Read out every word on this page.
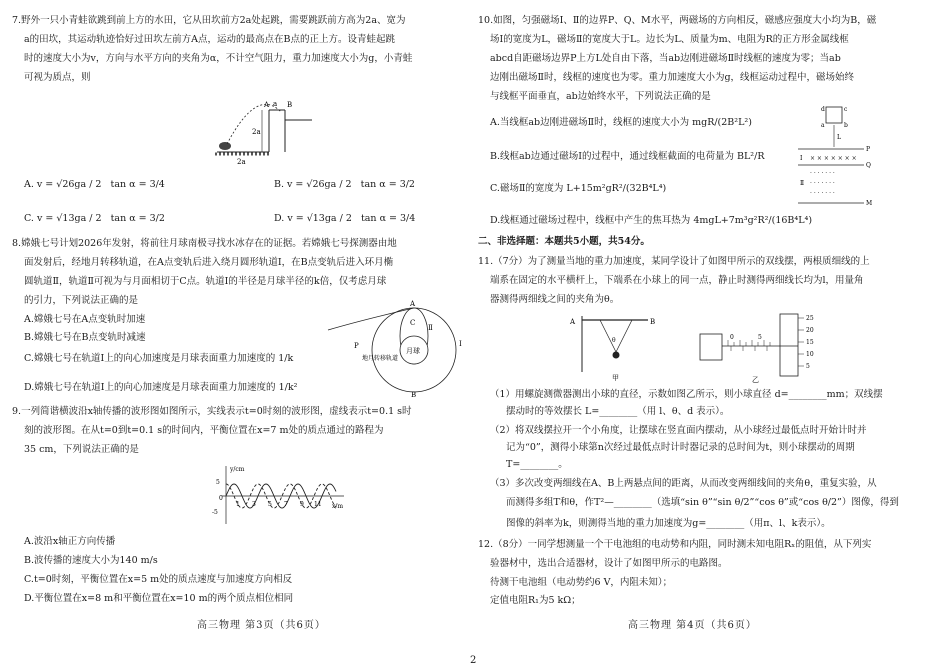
7.野外一只小青蛙欲跳到前上方的水田，它从田坎前方2a处起跳，需要跳跃前方高为2a、宽为
a的田坎，其运动轨迹恰好过田坎左前方A点，运动的最高点在B点的正上方。设青蛙起跳
时的速度大小为v，方向与水平方向的夹角为α，不计空气阻力，重力加速度大小为g，小青蛙
可视为质点，则
A	B
a
2a
2a
A. v = √26ga / 2 tan α = 3/4	B. v = √26ga / 2 tan α = 3/2
C. v = √13ga / 2 tan α = 3/2	D. v = √13ga / 2 tan α = 3/4
8.嫦娥七号计划2026年发射，将前往月球南极寻找水冰存在的证据。若嫦娥七号探测器由地
面发射后，经地月转移轨道，在A点变轨后进入绕月圆形轨道Ⅰ，在B点变轨后进入环月椭
圆轨道Ⅱ，轨道Ⅱ可视为与月面相切于C点。轨道Ⅰ的半径是月球半径的k倍，仅考虑月球
的引力，下列说法正确的是
A.嫦娥七号在A点变轨时加速
B.嫦娥七号在B点变轨时减速
C.嫦娥七号在轨道Ⅰ上的向心加速度是月球表面重力加速度的 1/k
D.嫦娥七号在轨道Ⅰ上的向心加速度是月球表面重力加速度的 1/k²
月球
地月转移轨道
Ⅰ
Ⅱ
A
B
C
P
9.一列简谐横波沿x轴传播的波形图如图所示，实线表示t=0时刻的波形图，虚线表示t=0.1 s时
刻的波形图。在从t=0到t=0.1 s的时间内，平衡位置在x=7 m处的质点通过的路程为
35 cm，下列说法正确的是
y/cm
x/m
5
0
-5
1 3 5 7 9 11
A.波沿x轴正方向传播
B.波传播的速度大小为140 m/s
C.t=0时刻，平衡位置在x=5 m处的质点速度与加速度方向相反
D.平衡位置在x=8 m和平衡位置在x=10 m的两个质点相位相同
高三物理 第3页（共6页）
10.如图，匀强磁场Ⅰ、Ⅱ的边界P、Q、M水平，两磁场的方向相反，磁感应强度大小均为B，磁
场Ⅰ的宽度为L，磁场Ⅱ的宽度大于L。边长为L、质量为m、电阻为R的正方形金属线框
abcd自距磁场边界P上方L处自由下落，当ab边刚进磁场Ⅱ时线框的速度为零；当ab
边刚出磁场Ⅱ时，线框的速度也为零。重力加速度大小为g，线框运动过程中，磁场始终
与线框平面垂直，ab边始终水平，下列说法正确的是
A.当线框ab边刚进磁场Ⅱ时，线框的速度大小为 mgR/(2B²L²)
B.线框ab边通过磁场Ⅰ的过程中，通过线框截面的电荷量为 BL²/R
C.磁场Ⅱ的宽度为 L+15m²gR²/(32B⁴L⁴)
D.线框通过磁场过程中，线框中产生的焦耳热为 4mgL+7m³g²R²/(16B⁴L⁴)
d	c
a	b
L
P
Q
M
Ⅰ
Ⅱ
× × × × × × ×
· · · · · · ·
· · · · · · ·
· · · · · · ·
二、非选择题：本题共5小题，共54分。
11.（7分）为了测量当地的重力加速度，某同学设计了如图甲所示的双线摆，两根质细线的上
端系在固定的水平横杆上，下端系在小球上的同一点，静止时测得两细线长均为l，用量角
器测得两细线之间的夹角为θ。
A	B
θ
甲
0	5
25
20
15
10
5
乙
（1）用螺旋测微器测出小球的直径，示数如图乙所示，则小球直径 d=________mm；双线摆
摆动时的等效摆长 L=________（用 l、θ、d 表示）。
（2）将双线摆拉开一个小角度，让摆球在竖直面内摆动，从小球经过最低点时开始计时并
记为“0”，测得小球第n次经过最低点时计时器记录的总时间为t，则小球摆动的周期
T=________。
（3）多次改变两细线在A、B上两悬点间的距离，从而改变两细线间的夹角θ，重复实验，从
而测得多组T和θ，作T²—________（选填“sin θ”“sin θ/2”“cos θ”或“cos θ/2”）图像，得到
图像的斜率为k，则测得当地的重力加速度为g=________（用π、l、k表示）。
12.（8分）一同学想测量一个干电池组的电动势和内阻，同时测未知电阻Rₓ的阻值，从下列实
验器材中，选出合适器材，设计了如图甲所示的电路图。
待测干电池组（电动势约6 V，内阻未知）；
定值电阻R₁为5 kΩ；
高三物理 第4页（共6页）
2
